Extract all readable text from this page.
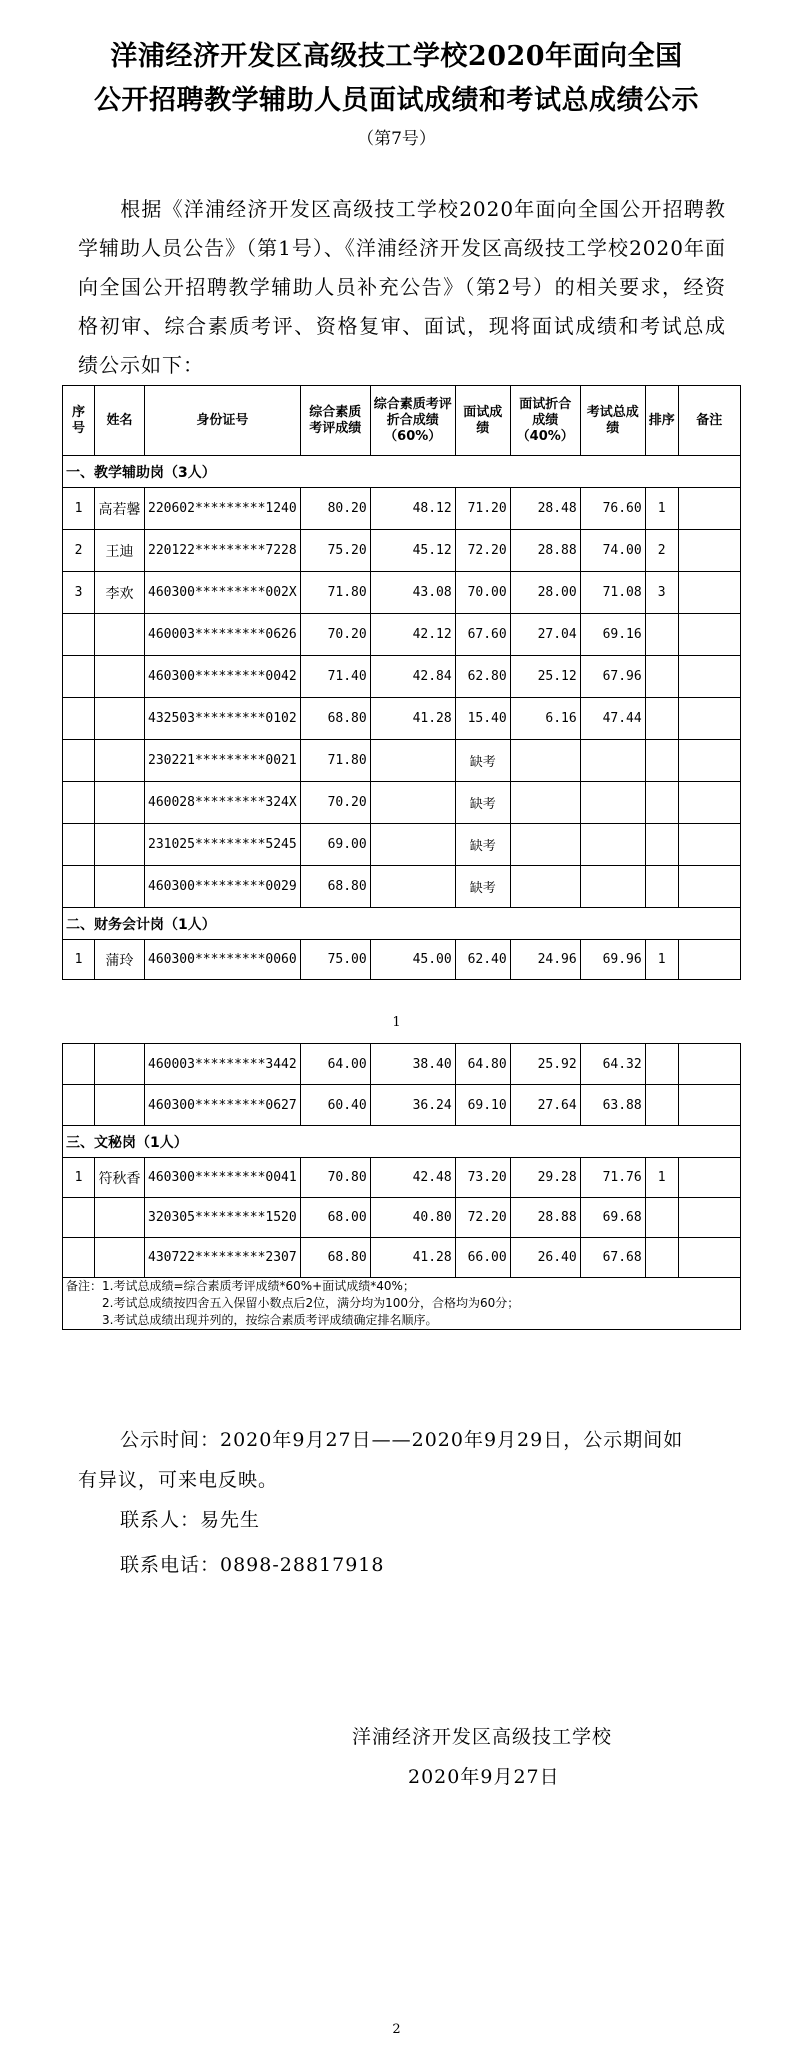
洋浦经济开发区高级技工学校2020年面向全国
公开招聘教学辅助人员面试成绩和考试总成绩公示
（第7号）
根据《洋浦经济开发区高级技工学校2020年面向全国公开招聘教学辅助人员公告》（第1号）、《洋浦经济开发区高级技工学校2020年面向全国公开招聘教学辅助人员补充公告》（第2号）的相关要求，经资格初审、综合素质考评、资格复审、面试，现将面试成绩和考试总成绩公示如下：
序号	姓名	身份证号	综合素质考评成绩	综合素质考评折合成绩（60%）	面试成绩	面试折合成绩（40%）	考试总成绩	排序	备注
一、教学辅助岗（3人）									
1	高若馨	220602*********1240	80.20	48.12	71.20	28.48	76.60	1	
2	王迪	220122*********7228	75.20	45.12	72.20	28.88	74.00	2	
3	李欢	460300*********002X	71.80	43.08	70.00	28.00	71.08	3	
		460003*********0626	70.20	42.12	67.60	27.04	69.16		
		460300*********0042	71.40	42.84	62.80	25.12	67.96		
		432503*********0102	68.80	41.28	15.40	6.16	47.44		
		230221*********0021	71.80		缺考				
		460028*********324X	70.20		缺考				
		231025*********5245	69.00		缺考				
		460300*********0029	68.80		缺考				
二、财务会计岗（1人）									
1	蒲玲	460300*********0060	75.00	45.00	62.40	24.96	69.96	1	
1
		460003*********3442	64.00	38.40	64.80	25.92	64.32		
		460300*********0627	60.40	36.24	69.10	27.64	63.88		
三、文秘岗（1人）									
1	符秋香	460300*********0041	70.80	42.48	73.20	29.28	71.76	1	
		320305*********1520	68.00	40.80	72.20	28.88	69.68		
		430722*********2307	68.80	41.28	66.00	26.40	67.68		

备注：1.考试总成绩=综合素质考评成绩*60%+面试成绩*40%；
2.考试总成绩按四舍五入保留小数点后2位，满分均为100分，合格均为60分；
3.考试总成绩出现并列的，按综合素质考评成绩确定排名顺序。									
公示时间：2020年9月27日——2020年9月29日，公示期间如
有异议，可来电反映。
联系人：易先生
联系电话：0898-28817918
洋浦经济开发区高级技工学校
2020年9月27日
2
